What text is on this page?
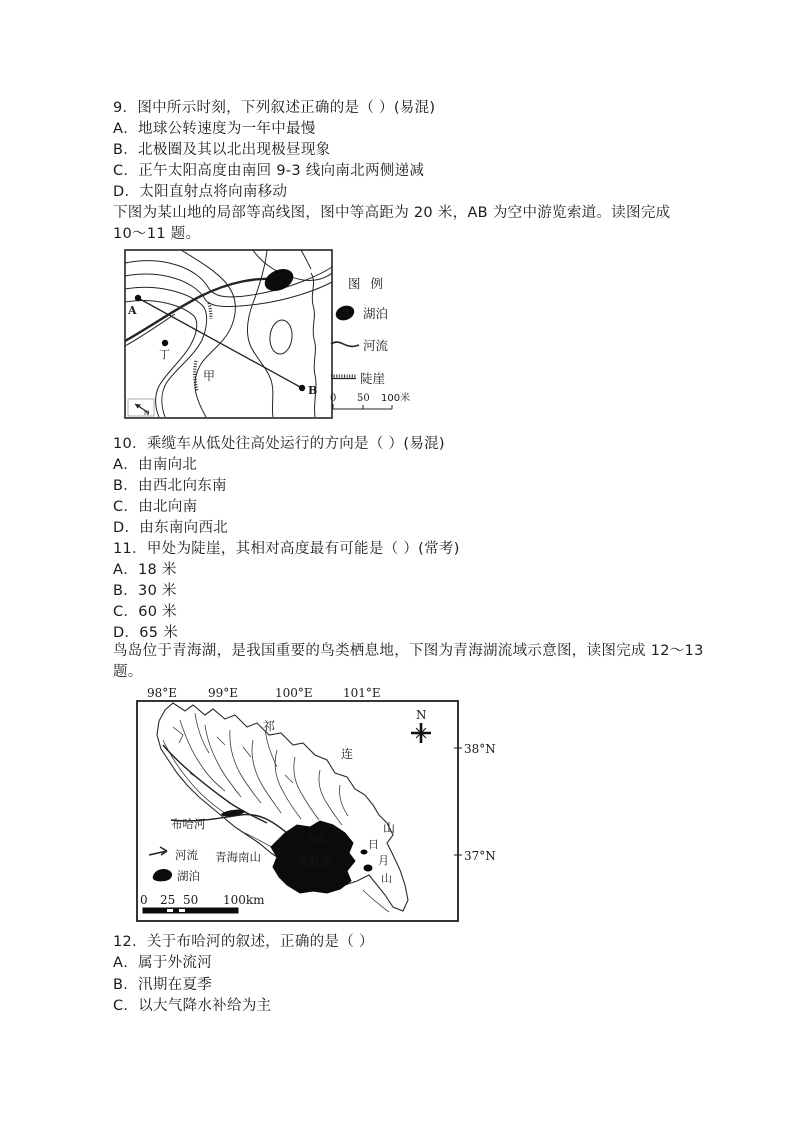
9．图中所示时刻，下列叙述正确的是（ ）(易混)
A．地球公转速度为一年中最慢
B．北极圈及其以北出现极昼现象
C．正午太阳高度由南回 9-3 线向南北两侧递减
D．太阳直射点将向南移动
下图为某山地的局部等高线图，图中等高距为 20 米，AB 为空中游览索道。读图完成
10～11 题。
A
B
丁
甲
N
图 例
湖泊
河流
陡崖
0 50 100米
10．乘缆车从低处往高处运行的方向是（ ）(易混)
A．由南向北
B．由西北向东南
C．由北向南
D．由东南向西北
11．甲处为陡崖，其相对高度最有可能是（ ）(常考)
A．18 米
B．30 米
C．60 米
D．65 米
鸟岛位于青海湖，是我国重要的鸟类栖息地，下图为青海湖流域示意图，读图完成 12～13
题。
98°E	99°E	100°E	101°E
38°N
37°N
N
鸟岛
青海湖
祁
连
山
日
月
山
布哈河
青海南山
河流
湖泊
0 25 50 100km
12．关于布哈河的叙述，正确的是（ ）
A．属于外流河
B．汛期在夏季
C．以大气降水补给为主
